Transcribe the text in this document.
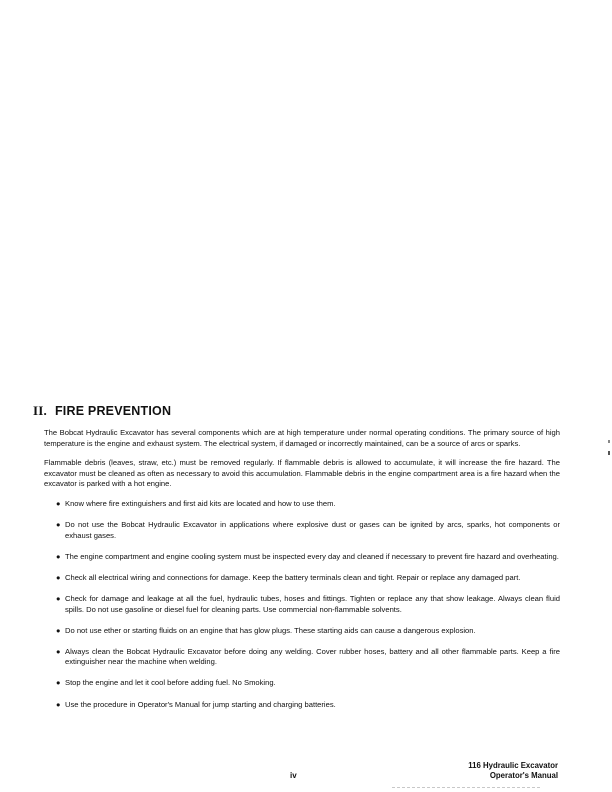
II. FIRE PREVENTION

The Bobcat Hydraulic Excavator has several components which are at high temperature under normal operating conditions. The primary source of high temperature is the engine and exhaust system. The electrical system, if damaged or incorrectly maintained, can be a source of arcs or sparks.

Flammable debris (leaves, straw, etc.) must be removed regularly. If flammable debris is allowed to accumulate, it will increase the fire hazard. The excavator must be cleaned as often as necessary to avoid this accumulation. Flammable debris in the engine compartment area is a fire hazard when the excavator is parked with a hot engine.

● Know where fire extinguishers and first aid kits are located and how to use them.
● Do not use the Bobcat Hydraulic Excavator in applications where explosive dust or gases can be ignited by arcs, sparks, hot components or exhaust gases.
● The engine compartment and engine cooling system must be inspected every day and cleaned if necessary to prevent fire hazard and overheating.
● Check all electrical wiring and connections for damage. Keep the battery terminals clean and tight. Repair or replace any damaged part.
● Check for damage and leakage at all the fuel, hydraulic tubes, hoses and fittings. Tighten or replace any that show leakage. Always clean fluid spills. Do not use gasoline or diesel fuel for cleaning parts. Use commercial non-flammable solvents.
● Do not use ether or starting fluids on an engine that has glow plugs. These starting aids can cause a dangerous explosion.
● Always clean the Bobcat Hydraulic Excavator before doing any welding. Cover rubber hoses, battery and all other flammable parts. Keep a fire extinguisher near the machine when welding.
● Stop the engine and let it cool before adding fuel. No Smoking.
● Use the procedure in Operator's Manual for jump starting and charging batteries.
116 Hydraulic Excavator
Operator's Manual
iv
